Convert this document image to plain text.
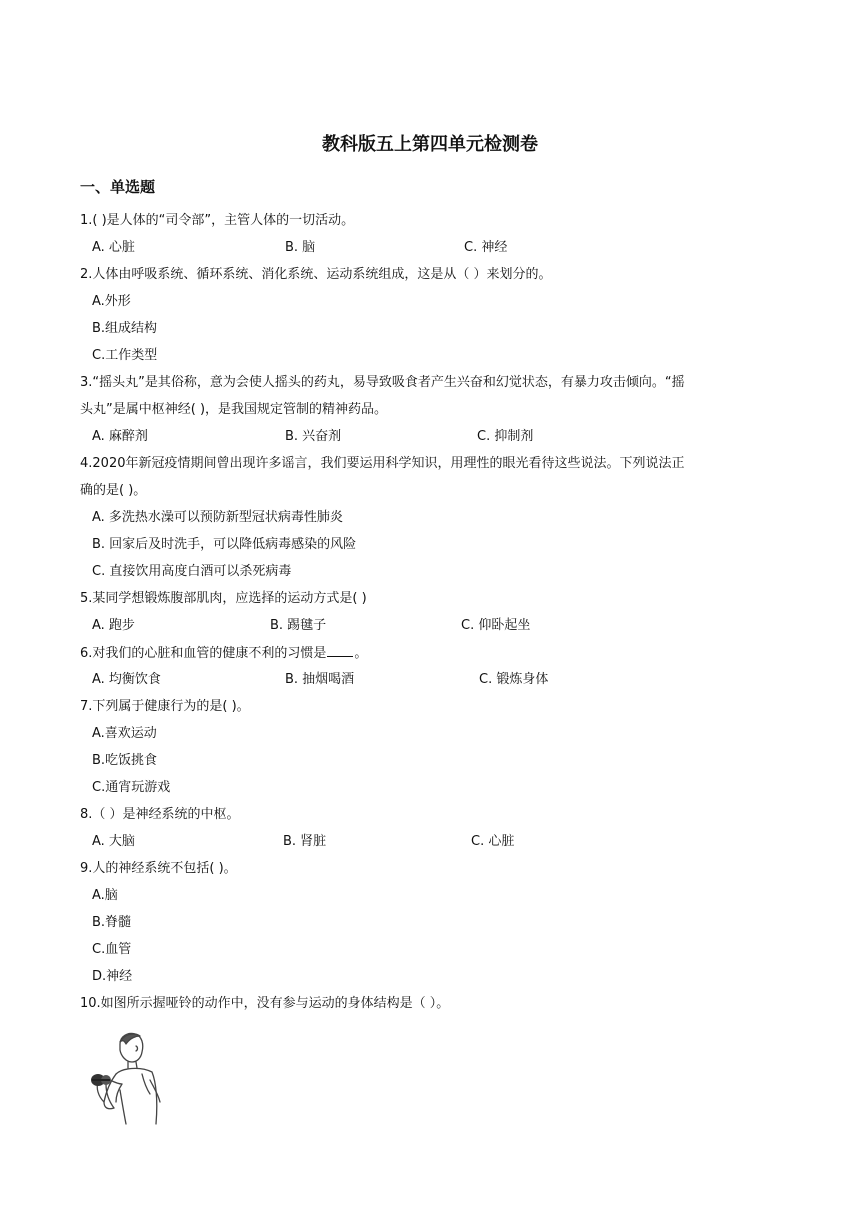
教科版五上第四单元检测卷
一、单选题
1.( )是人体的“司令部”，主管人体的一切活动。
A. 心脏	B. 脑	C. 神经
2.人体由呼吸系统、循环系统、消化系统、运动系统组成，这是从（ ）来划分的。
A.外形
B.组成结构
C.工作类型
3.“摇头丸”是其俗称，意为会使人摇头的药丸，易导致吸食者产生兴奋和幻觉状态，有暴力攻击倾向。“摇
头丸”是属中枢神经( )，是我国规定管制的精神药品。
A. 麻醉剂	B. 兴奋剂	C. 抑制剂
4.2020年新冠疫情期间曾出现许多谣言，我们要运用科学知识，用理性的眼光看待这些说法。下列说法正
确的是( )。
A. 多洗热水澡可以预防新型冠状病毒性肺炎
B. 回家后及时洗手，可以降低病毒感染的风险
C. 直接饮用高度白酒可以杀死病毒
5.某同学想锻炼腹部肌肉，应选择的运动方式是( )
A. 跑步	B. 踢毽子	C. 仰卧起坐
6.对我们的心脏和血管的健康不利的习惯是 。
A. 均衡饮食	B. 抽烟喝酒	C. 锻炼身体
7.下列属于健康行为的是( )。
A.喜欢运动
B.吃饭挑食
C.通宵玩游戏
8.（ ）是神经系统的中枢。
A. 大脑	B. 肾脏	C. 心脏
9.人的神经系统不包括( )。
A.脑
B.脊髓
C.血管
D.神经
10.如图所示握哑铃的动作中，没有参与运动的身体结构是（ ）。
